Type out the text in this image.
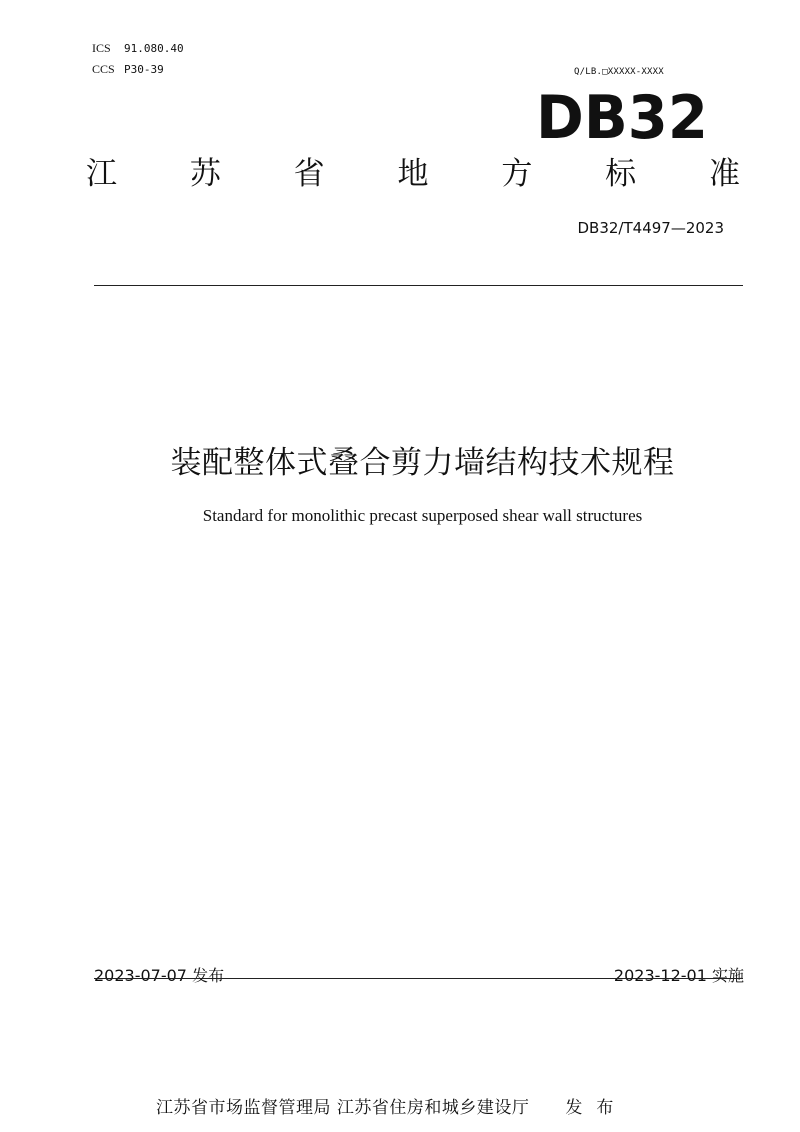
ICS 91.080.40
CCS P30-39	Q/LB.□XXXXX-XXXX
DB32
江 苏 省 地 方 标 准
DB32/T4497—2023
装配整体式叠合剪力墙结构技术规程
Standard for monolithic precast superposed shear wall structures
2023-07-07 发布	2023-12-01 实施
江苏省市场监督管理局 江苏省住房和城乡建设厅 发布
